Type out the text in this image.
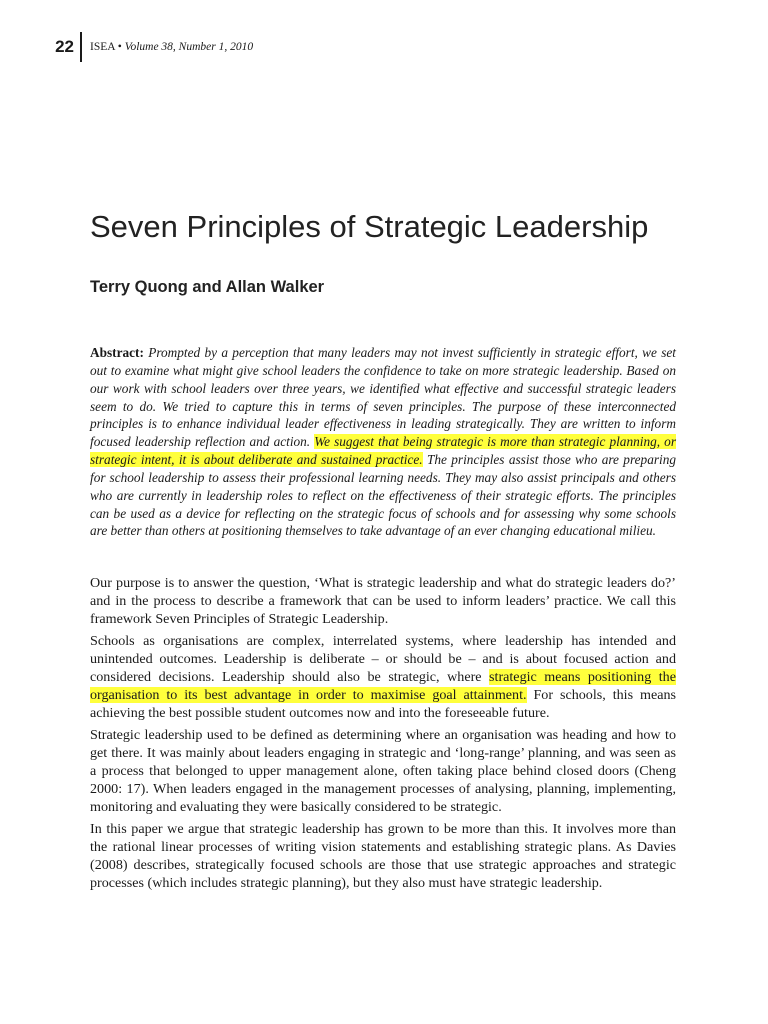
22 ISEA • Volume 38, Number 1, 2010
Seven Principles of Strategic Leadership
Terry Quong and Allan Walker

Abstract: Prompted by a perception that many leaders may not invest sufficiently in strategic effort, we set out to examine what might give school leaders the confidence to take on more strategic leadership. Based on our work with school leaders over three years, we identified what effective and successful strategic leaders seem to do. We tried to capture this in terms of seven principles. The purpose of these interconnected principles is to enhance individual leader effectiveness in leading strategically. They are written to inform focused leadership reflection and action. We suggest that being strategic is more than strategic planning, or strategic intent, it is about deliberate and sustained practice. The principles assist those who are preparing for school leadership to assess their professional learning needs. They may also assist principals and others who are currently in leadership roles to reflect on the effectiveness of their strategic efforts. The principles can be used as a device for reflecting on the strategic focus of schools and for assessing why some schools are better than others at positioning themselves to take advantage of an ever changing educational milieu.

Our purpose is to answer the question, ‘What is strategic leadership and what do strategic leaders do?’ and in the process to describe a framework that can be used to inform leaders’ practice. We call this framework Seven Principles of Strategic Leadership.

Schools as organisations are complex, interrelated systems, where leadership has intended and unintended outcomes. Leadership is deliberate – or should be – and is about focused action and considered decisions. Leadership should also be strategic, where strategic means positioning the organisation to its best advantage in order to maximise goal attainment. For schools, this means achieving the best possible student outcomes now and into the foreseeable future.

Strategic leadership used to be defined as determining where an organisation was heading and how to get there. It was mainly about leaders engaging in strategic and ‘long-range’ planning, and was seen as a process that belonged to upper management alone, often taking place behind closed doors (Cheng 2000: 17). When leaders engaged in the management processes of analysing, planning, implementing, monitoring and evaluating they were basically considered to be strategic.

In this paper we argue that strategic leadership has grown to be more than this. It involves more than the rational linear processes of writing vision statements and establishing strategic plans. As Davies (2008) describes, strategically focused schools are those that use strategic approaches and strategic processes (which includes strategic planning), but they also must have strategic leadership.
